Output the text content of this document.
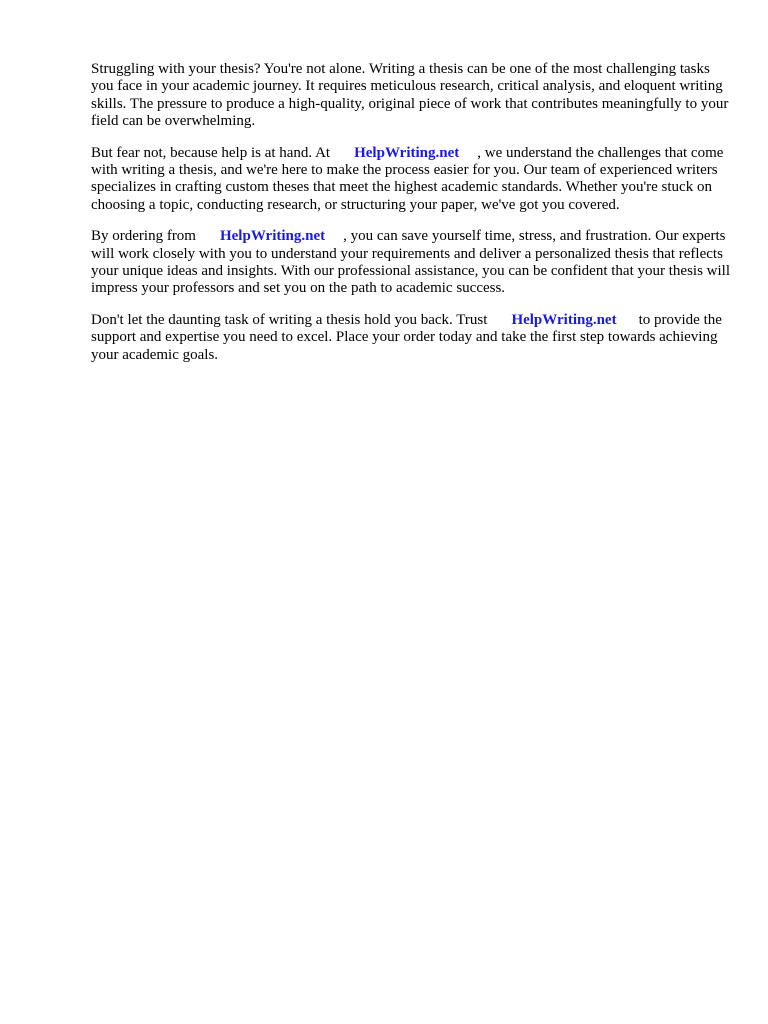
Struggling with your thesis? You're not alone. Writing a thesis can be one of the most challenging tasks you face in your academic journey. It requires meticulous research, critical analysis, and eloquent writing skills. The pressure to produce a high-quality, original piece of work that contributes meaningfully to your field can be overwhelming.

But fear not, because help is at hand. At HelpWriting.net , we understand the challenges that come with writing a thesis, and we're here to make the process easier for you. Our team of experienced writers specializes in crafting custom theses that meet the highest academic standards. Whether you're stuck on choosing a topic, conducting research, or structuring your paper, we've got you covered.

By ordering from HelpWriting.net , you can save yourself time, stress, and frustration. Our experts will work closely with you to understand your requirements and deliver a personalized thesis that reflects your unique ideas and insights. With our professional assistance, you can be confident that your thesis will impress your professors and set you on the path to academic success.

Don't let the daunting task of writing a thesis hold you back. Trust HelpWriting.net to provide the support and expertise you need to excel. Place your order today and take the first step towards achieving your academic goals.
